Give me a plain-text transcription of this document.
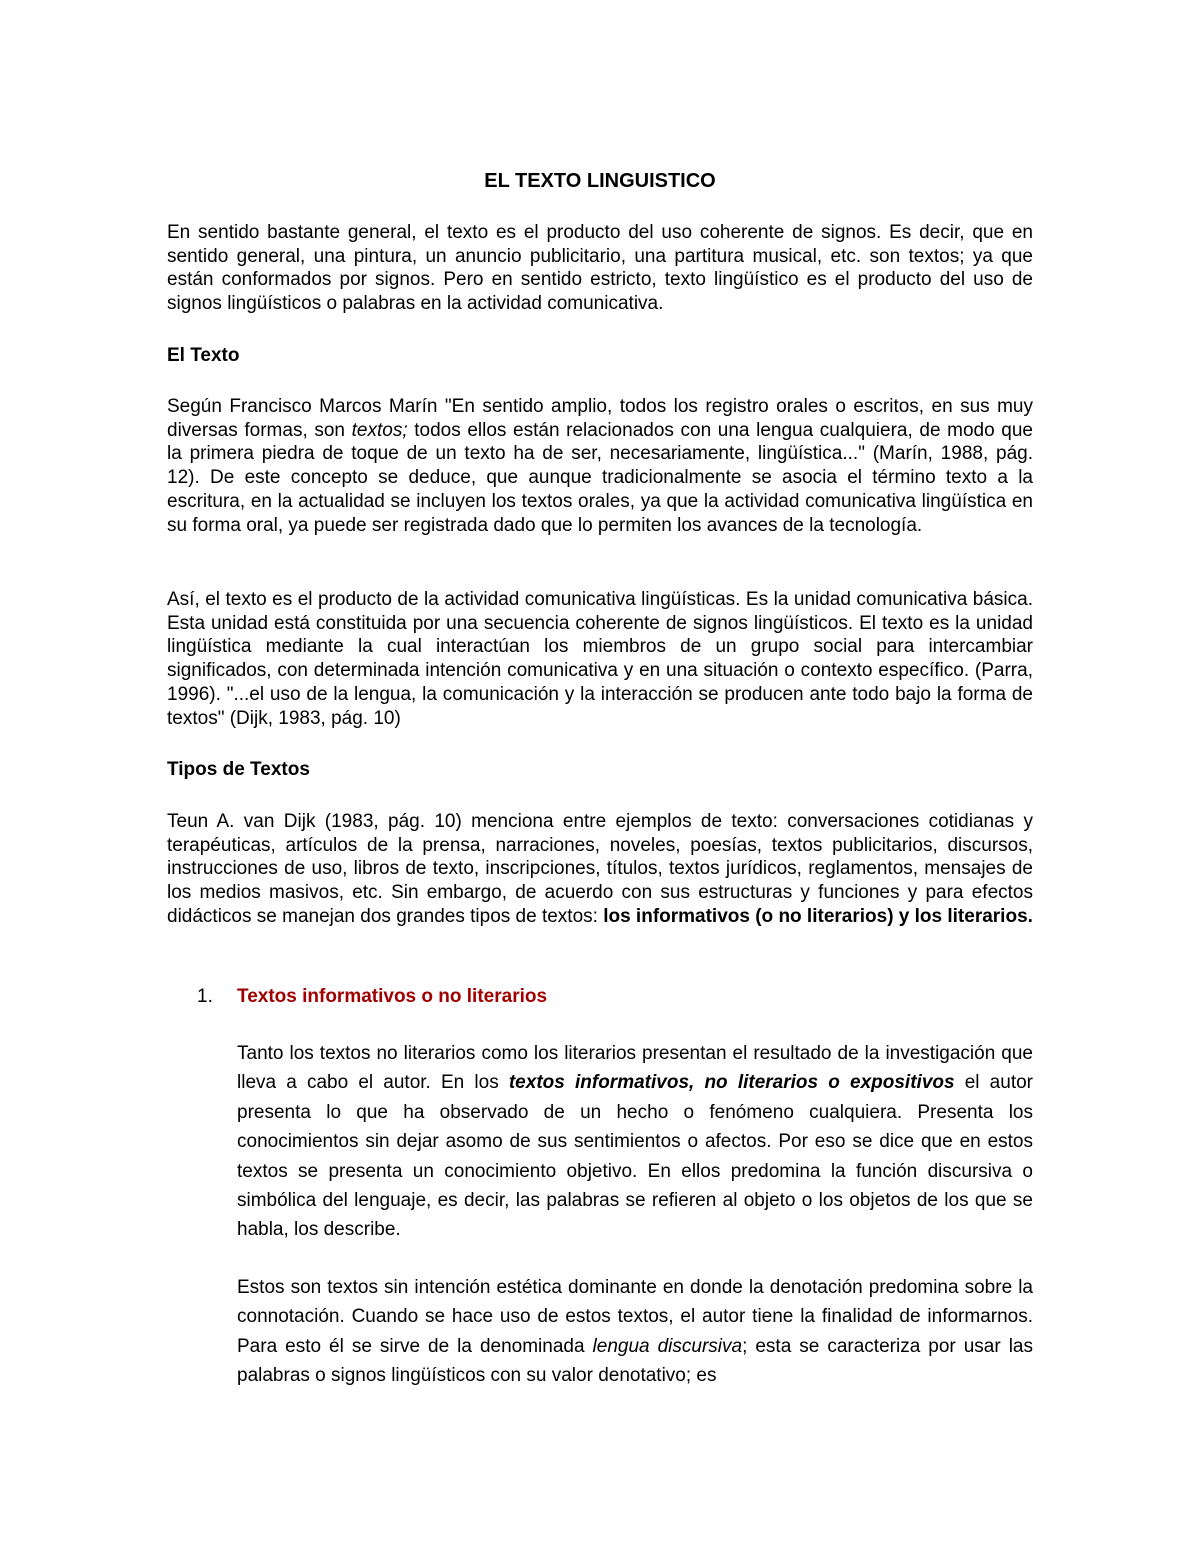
EL TEXTO LINGUISTICO

En sentido bastante general, el texto es el producto del uso coherente de signos. Es decir, que en sentido general, una pintura, un anuncio publicitario, una partitura musical, etc. son textos; ya que están conformados por signos. Pero en sentido estricto, texto lingüístico es el producto del uso de signos lingüísticos o palabras en la actividad comunicativa.

El Texto

Según Francisco Marcos Marín "En sentido amplio, todos los registro orales o escritos, en sus muy diversas formas, son textos; todos ellos están relacionados con una lengua cualquiera, de modo que la primera piedra de toque de un texto ha de ser, necesariamente, lingüística..." (Marín, 1988, pág. 12). De este concepto se deduce, que aunque tradicionalmente se asocia el término texto a la escritura, en la actualidad se incluyen los textos orales, ya que la actividad comunicativa lingüística en su forma oral, ya puede ser registrada dado que lo permiten los avances de la tecnología.

Así, el texto es el producto de la actividad comunicativa lingüísticas. Es la unidad comunicativa básica. Esta unidad está constituida por una secuencia coherente de signos lingüísticos. El texto es la unidad lingüística mediante la cual interactúan los miembros de un grupo social para intercambiar significados, con determinada intención comunicativa y en una situación o contexto específico. (Parra, 1996). "...el uso de la lengua, la comunicación y la interacción se producen ante todo bajo la forma de textos" (Dijk, 1983, pág. 10)

Tipos de Textos

Teun A. van Dijk (1983, pág. 10) menciona entre ejemplos de texto: conversaciones cotidianas y terapéuticas, artículos de la prensa, narraciones, noveles, poesías, textos publicitarios, discursos, instrucciones de uso, libros de texto, inscripciones, títulos, textos jurídicos, reglamentos, mensajes de los medios masivos, etc. Sin embargo, de acuerdo con sus estructuras y funciones y para efectos didácticos se manejan dos grandes tipos de textos: los informativos (o no literarios) y los literarios.

1. Textos informativos o no literarios

Tanto los textos no literarios como los literarios presentan el resultado de la investigación que lleva a cabo el autor. En los textos informativos, no literarios o expositivos el autor presenta lo que ha observado de un hecho o fenómeno cualquiera. Presenta los conocimientos sin dejar asomo de sus sentimientos o afectos. Por eso se dice que en estos textos se presenta un conocimiento objetivo. En ellos predomina la función discursiva o simbólica del lenguaje, es decir, las palabras se refieren al objeto o los objetos de los que se habla, los describe.

Estos son textos sin intención estética dominante en donde la denotación predomina sobre la connotación. Cuando se hace uso de estos textos, el autor tiene la finalidad de informarnos. Para esto él se sirve de la denominada lengua discursiva; esta se caracteriza por usar las palabras o signos lingüísticos con su valor denotativo; es
